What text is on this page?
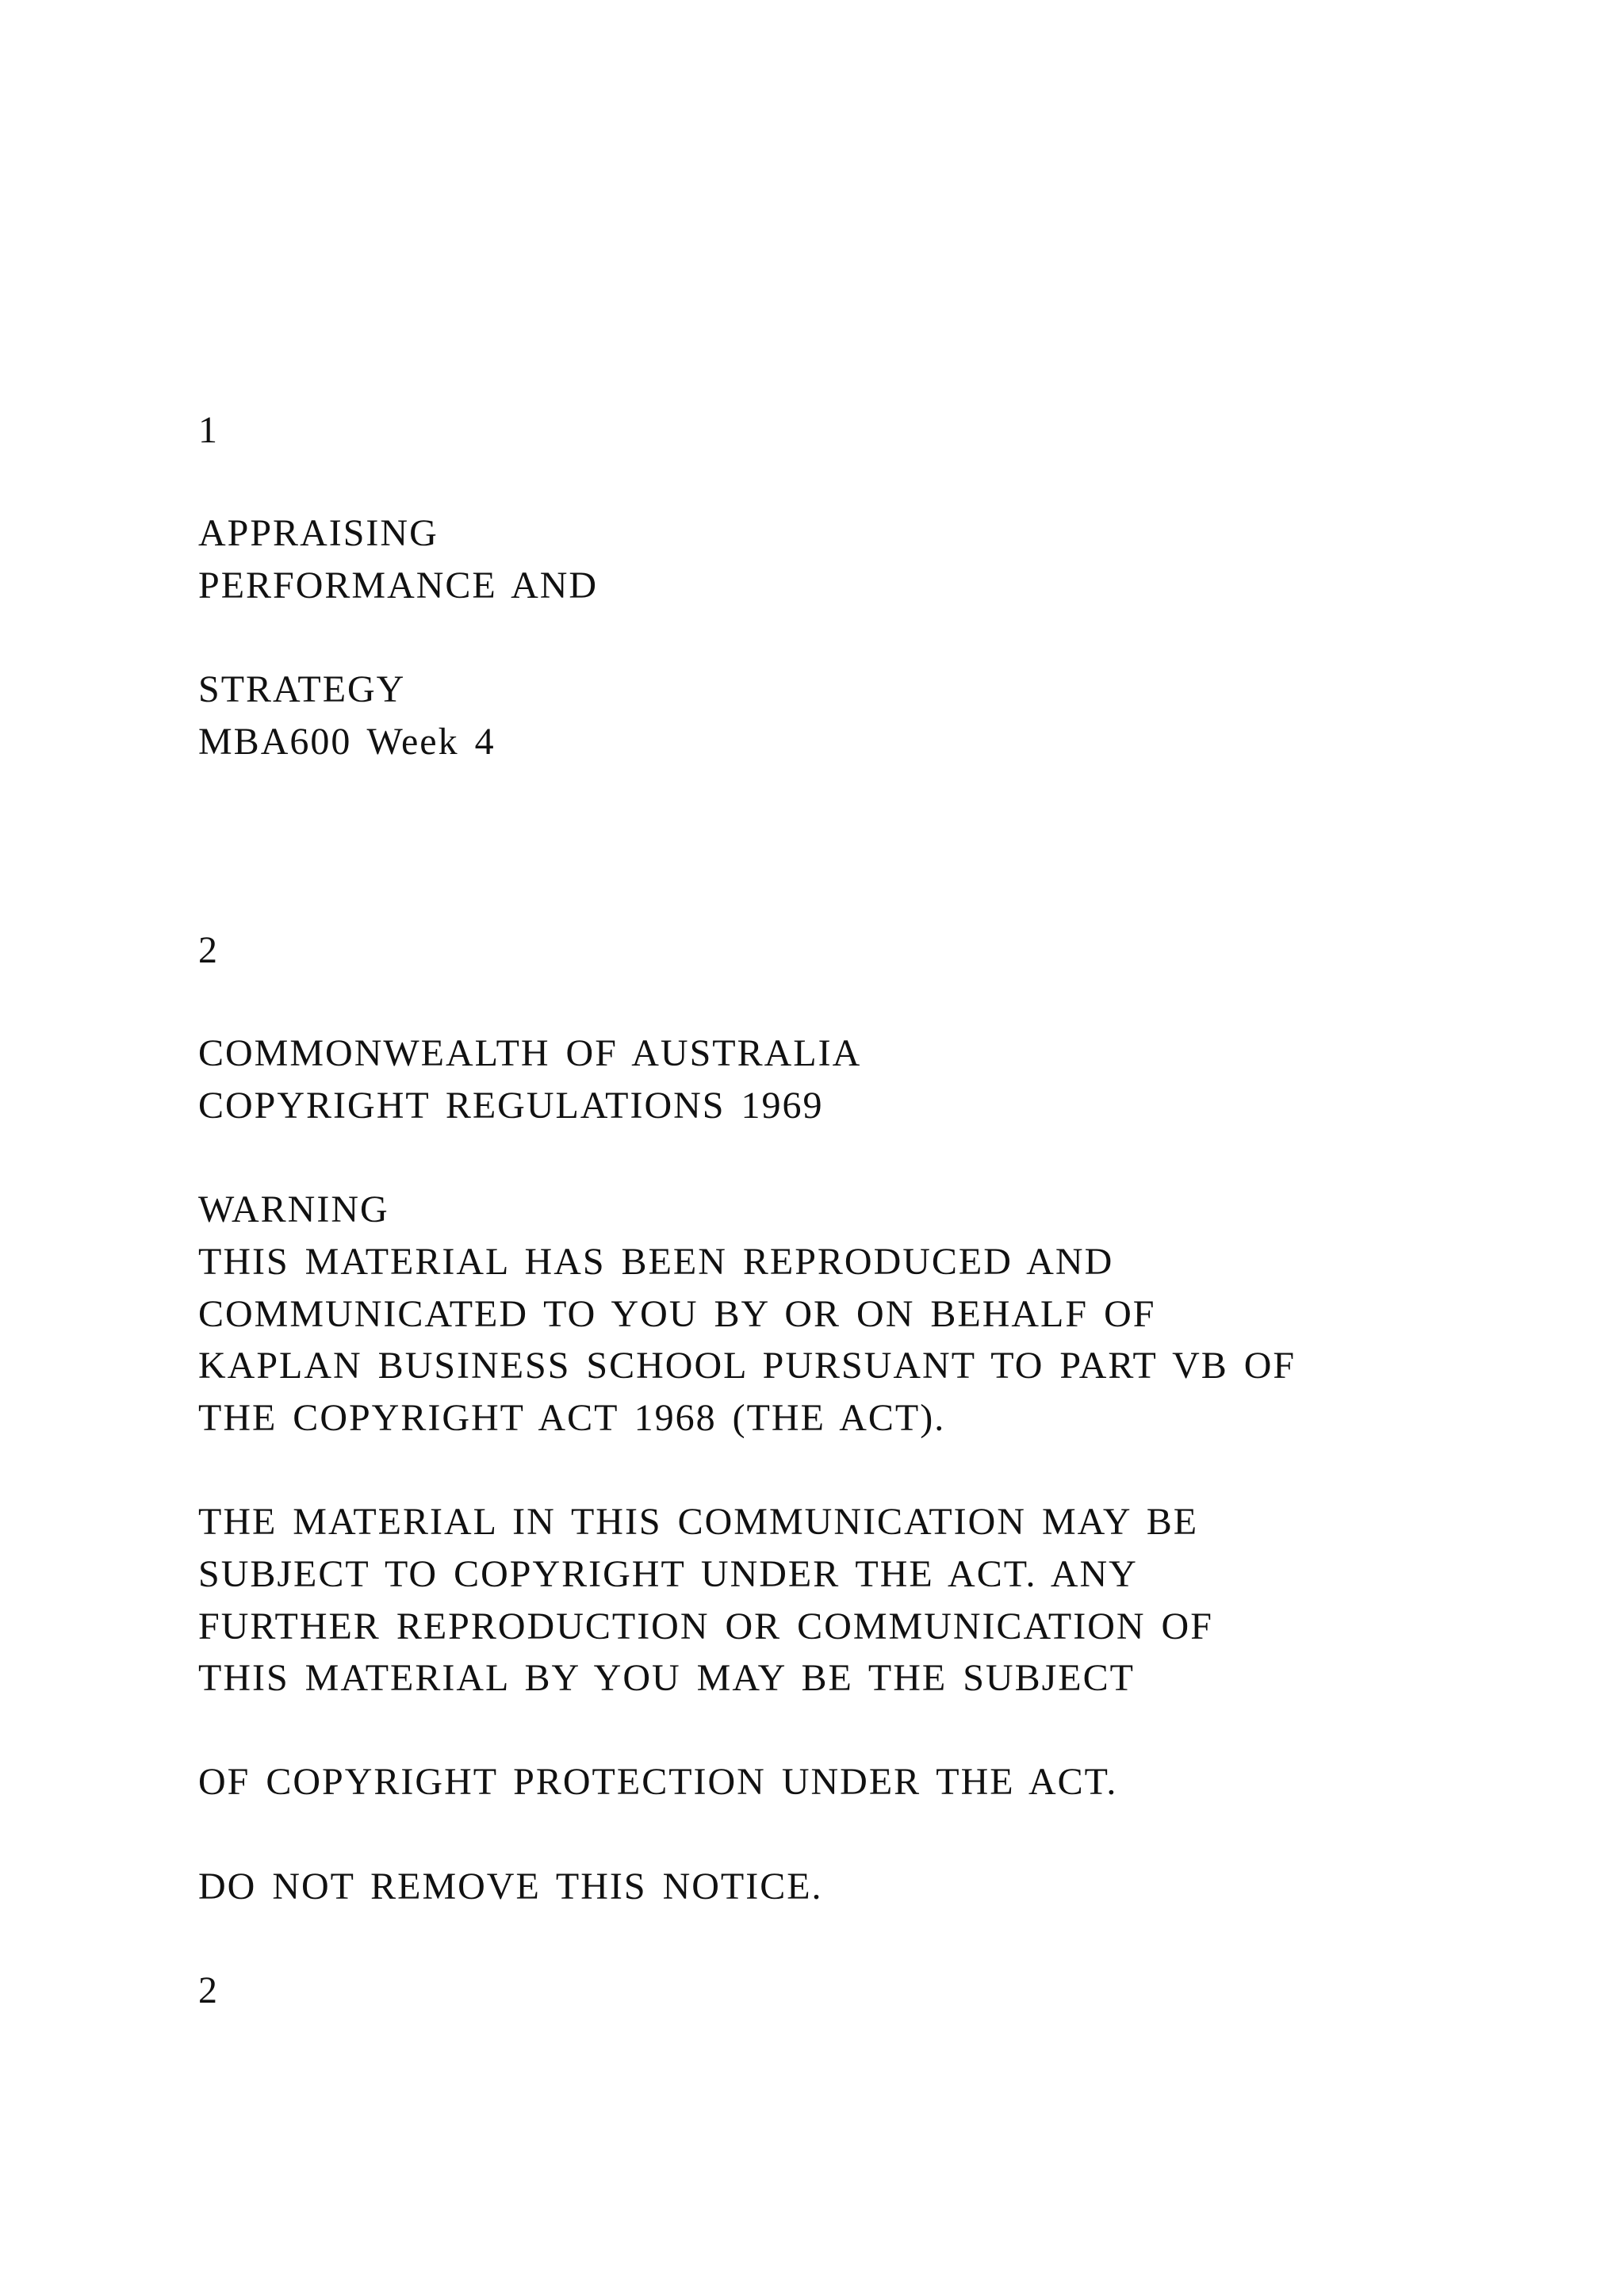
1

APPRAISING

PERFORMANCE AND

STRATEGY

MBA600 Week 4

2

COMMONWEALTH OF AUSTRALIA

COPYRIGHT REGULATIONS 1969

WARNING

THIS MATERIAL HAS BEEN REPRODUCED AND

COMMUNICATED TO YOU BY OR ON BEHALF OF

KAPLAN BUSINESS SCHOOL PURSUANT TO PART VB OF

THE COPYRIGHT ACT 1968 (THE ACT).

THE MATERIAL IN THIS COMMUNICATION MAY BE

SUBJECT TO COPYRIGHT UNDER THE ACT. ANY

FURTHER REPRODUCTION OR COMMUNICATION OF

THIS MATERIAL BY YOU MAY BE THE SUBJECT

OF COPYRIGHT PROTECTION UNDER THE ACT.

DO NOT REMOVE THIS NOTICE.

2
